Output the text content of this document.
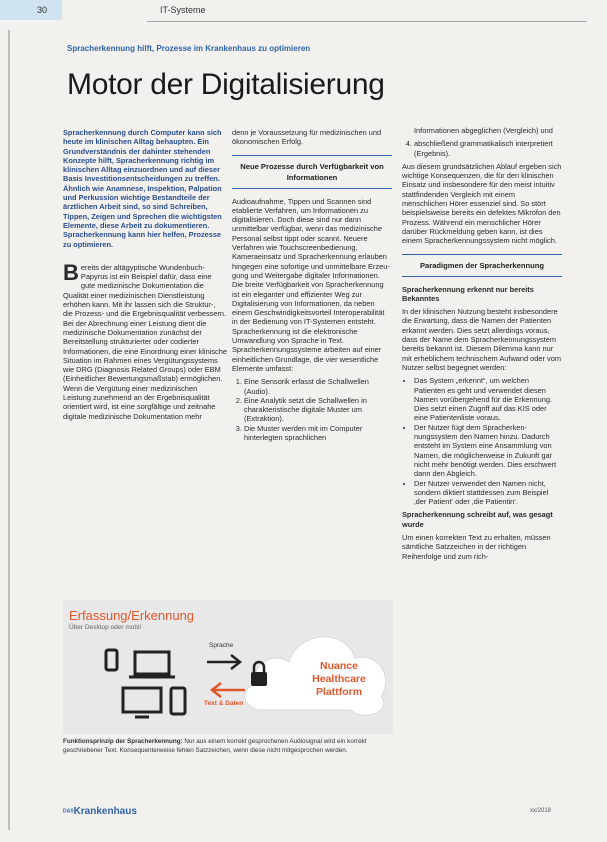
30	IT-Systeme
Spracherkennung hilft, Prozesse im Krankenhaus zu optimieren
Motor der Digitalisierung

Spracherkennung durch Computer kann sich heute im klinischen Alltag behaupten. Ein Grundverständnis der dahinter stehenden Konzepte hilft, Spracherkennung richtig im klinischen Alltag einzuordnen und auf dieser Basis Investitionsentscheidungen zu treffen. Ähnlich wie Anamnese, Inspektion, Palpation und Perkussion wichtige Bestandteile der ärztlichen Arbeit sind, so sind Schreiben, Tippen, Zeigen und Sprechen die wichtigsten Elemente, diese Arbeit zu dokumentieren. Spracherkennung kann hier helfen, Prozesse zu optimieren.

Bereits der altägyptische Wundenbuch-Papyrus ist ein Beispiel dafür, dass eine gute medizinische Dokumentation die Qualität einer medizinischen Dienstleistung erhöhen kann. Mit ihr lassen sich die Struktur-, die Prozess- und die Ergebnisqualität verbessern. Bei der Abrechnung einer Leistung dient die medizinische Dokumentation zunächst der Bereitstellung strukturierter oder codierter Informationen, die eine Einordnung einer klinische Situation im Rahmen eines Vergütungssystems wie DRG (Diagnosis Related Groups) oder EBM (Einheitlicher Bewertungsmaßstab) ermöglichen. Wenn die Vergütung einer medizinischen Leistung zunehmend an der Ergebnisqualität orientiert wird, ist eine sorgfältige und zeitnahe digitale medizinische Dokumentation mehr

denn je Voraussetzung für medizinischen und ökonomischen Erfolg.

Neue Prozesse durch Verfügbarkeit von Informationen

Audioaufnahme, Tippen und Scannen sind etablierte Verfahren, um Informationen zu digitalisieren. Doch diese sind nur dann unmittelbar verfügbar, wenn das medizinische Personal selbst tippt oder scannt. Neuere Verfahren wie Touchscreenbedienung, Kameraeinsatz und Spracherkennung erlauben hingegen eine sofortige und unmittelbare Erzeugung und Weitergabe digitaler Informationen. Die breite Verfügbarkeit von Spracherkennung ist ein eleganter und effizienter Weg zur Digitalisierung von Informationen, da neben einem Geschwindigkeitsvorteil Interoperabilität in der Bedienung von IT-Systemen entsteht. Spracherkennung ist die elektronische Umwandlung von Sprache in Text. Spracherkennungssysteme arbeiten auf einer einheitlichen Grundlage, die vier wesentliche Elemente umfasst:

1. Eine Sensorik erfasst die Schallwellen (Audio).
2. Eine Analytik setzt die Schallwellen in charakteristische digitale Muster um (Extraktion).
3. Die Muster werden mit im Computer hinterlegten sprachlichen

Informationen abgeglichen (Vergleich) und

4. abschließend grammatikalisch interpretiert (Ergebnis).

Aus diesem grundsätzlichen Ablauf ergeben sich wichtige Konsequenzen, die für den klinischen Einsatz und insbesondere für den meist intuitiv stattfindenden Vergleich mit einem menschlichen Hörer essenziel sind. So stört beispielsweise bereits ein defektes Mikrofon den Prozess. Während ein menschlicher Hörer darüber Rückmeldung geben kann, ist dies einem Spracherkennungssystem nicht möglich.

Paradigmen der Spracherkennung

Spracherkennung erkennt nur bereits Bekanntes

In der klinischen Nutzung besteht insbesondere die Erwartung, dass die Namen der Patienten erkannt werden. Dies setzt allerdings voraus, dass der Name dem Spracherkennungssystem bereits bekannt ist. Diesem Dilemma kann nur mit erheblichem technischem Aufwand oder vom Nutzer selbst begegnet werden:

• Das System „erkennt“, um welchen Patienten es geht und verwendet diesen Namen vorübergehend für die Erkennung. Dies setzt einen Zugriff auf das KIS oder eine Patientenliste voraus.
• Der Nutzer fügt dem Spracherkennungssystem den Namen hinzu. Dadurch entsteht im System eine Ansammlung von Namen, die möglicherweise in Zukunft gar nicht mehr benötigt werden. Dies erschwert dann den Abgleich.
• Der Nutzer verwendet den Namen nicht, sondern diktiert stattdessen zum Beispiel ‚der Patient‘ oder ‚die Patientin‘.

Spracherkennung schreibt auf, was gesagt wurde

Um einen korrekten Text zu erhalten, müssen sämtliche Satzzeichen in der richtigen Reihenfolge und zum rich-

Erfassung/Erkennung
Über Desktop oder mobil
Sprache
Text & Daten
Nuance Healthcare Plattform
Funktionsprinzip der Spracherkennung: Nur aus einem korrekt gesprochenen Audiosignal wird ein korrekt geschriebener Text. Konsequenterweise fehlen Satzzeichen, wenn diese nicht mitgesprochen werden.
DASKrankenhaus	xx/2018
